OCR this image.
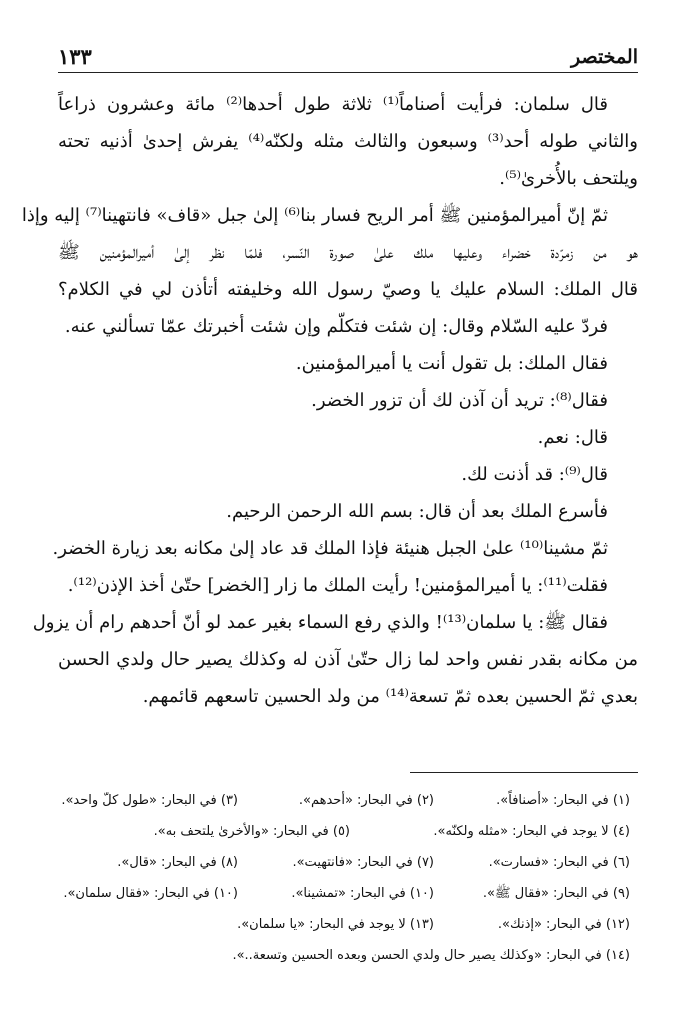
المختصر
١٣٣
قال سلمان: فرأيت أصناماً⁽¹⁾ ثلاثة طول أحدها⁽²⁾ مائة وعشرون ذراعاً
والثاني طوله أحد⁽³⁾ وسبعون والثالث مثله ولكنّه⁽⁴⁾ يفرش إحدىٰ أذنيه تحته
ويلتحف بالأُخرىٰ⁽⁵⁾.
ثمّ إنّ أميرالمؤمنين ﷺ أمر الريح فسار بنا⁽⁶⁾ إلىٰ جبل «قاف» فانتهينا⁽⁷⁾ إليه وإذا
هو من زمرّدة خضراء وعليها ملك علىٰ صورة النّسر، فلمّا نظر إلىٰ أميرالمؤمنين ﷺ
قال الملك: السلام عليك يا وصيّ رسول الله وخليفته أتأذن لي في الكلام؟
فردّ عليه السّلام وقال: إن شئت فتكلّم وإن شئت أخبرتك عمّا تسألني عنه.
فقال الملك: بل تقول أنت يا أميرالمؤمنين.
فقال⁽⁸⁾: تريد أن آذن لك أن تزور الخضر.
قال: نعم.
قال⁽⁹⁾: قد أذنت لك.
فأسرع الملك بعد أن قال: بسم الله الرحمن الرحيم.
ثمّ مشينا⁽¹⁰⁾ علىٰ الجبل هنيئة فإذا الملك قد عاد إلىٰ مكانه بعد زيارة الخضر.
فقلت⁽¹¹⁾: يا أميرالمؤمنين! رأيت الملك ما زار [الخضر] حتّىٰ أخذ الإذن⁽¹²⁾.
فقال ﷺ: يا سلمان⁽¹³⁾! والذي رفع السماء بغير عمد لو أنّ أحدهم رام أن يزول
من مكانه بقدر نفس واحد لما زال حتّىٰ آذن له وكذلك يصير حال ولدي الحسن
بعدي ثمّ الحسين بعده ثمّ تسعة⁽¹⁴⁾ من ولد الحسين تاسعهم قائمهم.
(١) في البحار: «أصنافاً».
(٢) في البحار: «أحدهم».
(٣) في البحار: «طول كلّ واحد».
(٤) لا يوجد في البحار: «مثله ولكنّه».
(٥) في البحار: «والأخرىٰ يلتحف به».
(٦) في البحار: «فسارت».
(٧) في البحار: «فانتهيت».
(٨) في البحار: «قال».
(٩) في البحار: «فقال ﷺ».
(١٠) في البحار: «تمشينا».
(١٠) في البحار: «فقال سلمان».
(١٢) في البحار: «إذنك».
(١٣) لا يوجد في البحار: «يا سلمان».
(١٤) في البحار: «وكذلك يصير حال ولدي الحسن وبعده الحسين وتسعة..».
